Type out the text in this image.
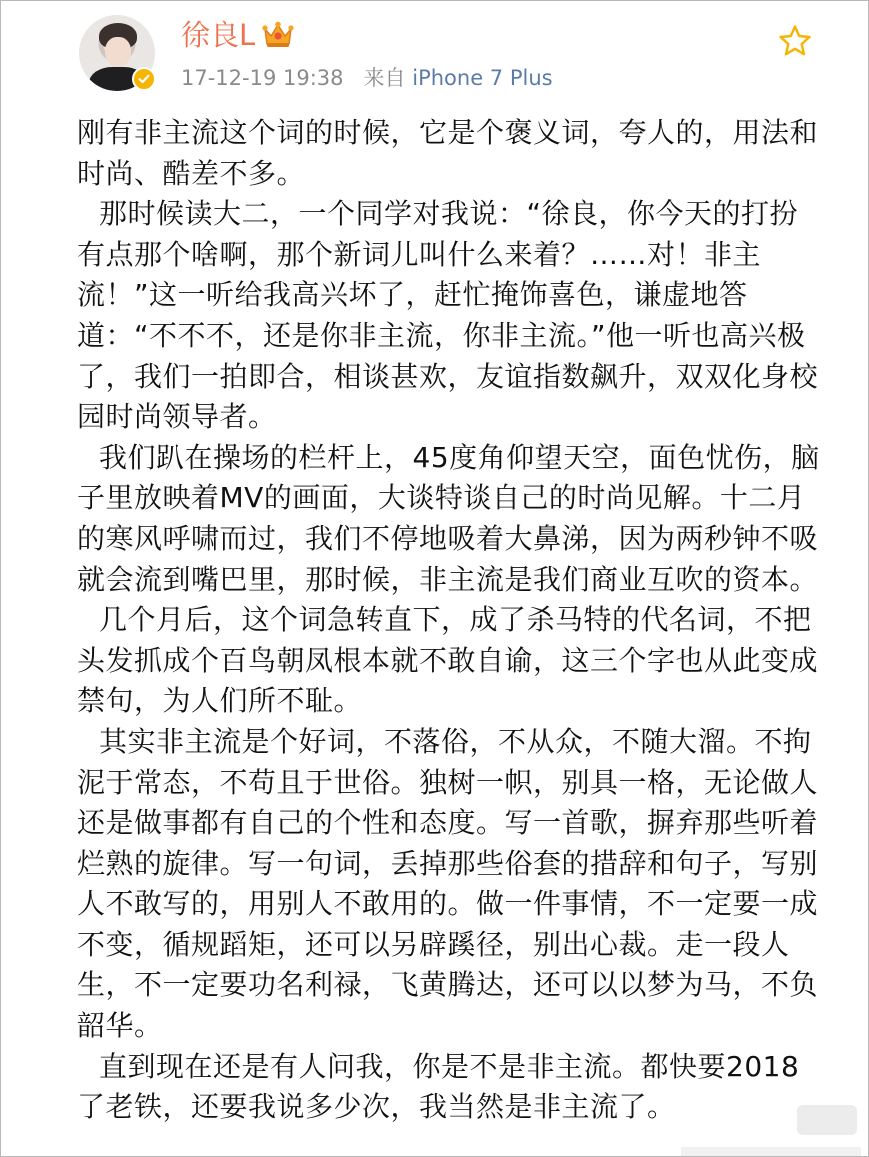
徐良L
17-12-19 19:38 来自 iPhone 7 Plus

刚有非主流这个词的时候，它是个褒义词，夸人的，用法和时尚、酷差不多。

那时候读大二，一个同学对我说：“徐良，你今天的打扮有点那个啥啊，那个新词儿叫什么来着？……对！非主流！”这一听给我高兴坏了，赶忙掩饰喜色，谦虚地答道：“不不不，还是你非主流，你非主流。”他一听也高兴极了，我们一拍即合，相谈甚欢，友谊指数飙升，双双化身校园时尚领导者。

我们趴在操场的栏杆上，45度角仰望天空，面色忧伤，脑子里放映着MV的画面，大谈特谈自己的时尚见解。十二月的寒风呼啸而过，我们不停地吸着大鼻涕，因为两秒钟不吸就会流到嘴巴里，那时候，非主流是我们商业互吹的资本。

几个月后，这个词急转直下，成了杀马特的代名词，不把头发抓成个百鸟朝凤根本就不敢自谕，这三个字也从此变成禁句，为人们所不耻。

其实非主流是个好词，不落俗，不从众，不随大溜。不拘泥于常态，不苟且于世俗。独树一帜，别具一格，无论做人还是做事都有自己的个性和态度。写一首歌，摒弃那些听着烂熟的旋律。写一句词，丢掉那些俗套的措辞和句子，写别人不敢写的，用别人不敢用的。做一件事情，不一定要一成不变，循规蹈矩，还可以另辟蹊径，别出心裁。走一段人生，不一定要功名利禄，飞黄腾达，还可以以梦为马，不负韶华。

直到现在还是有人问我，你是不是非主流。都快要2018了老铁，还要我说多少次，我当然是非主流了。
